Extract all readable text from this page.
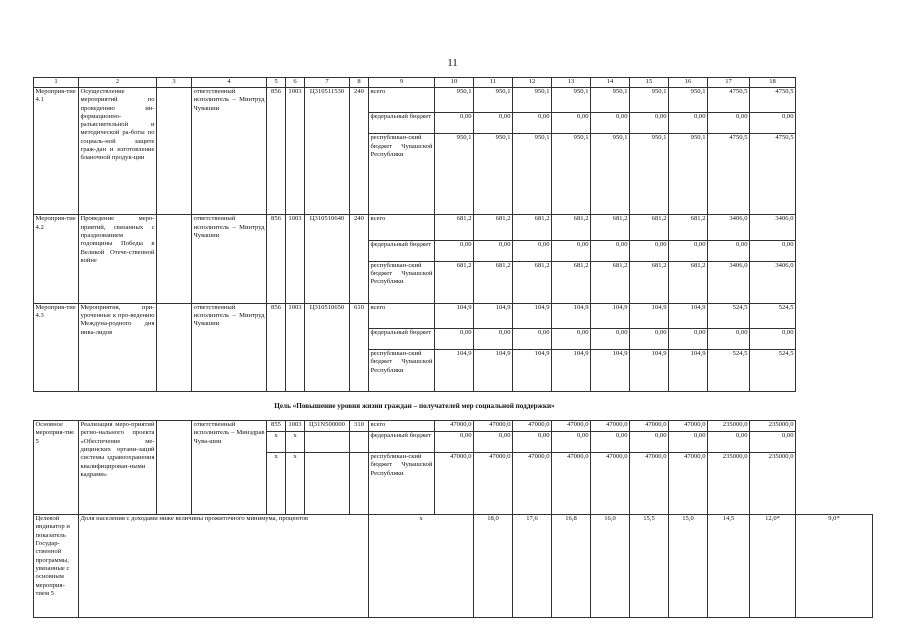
11
1	2	3	4	5	6	7	8	9	10	11	12	13	14	15	16	17	18	
Мероприя-тие 4.1	Осуществление мероприятий по проведению ин-формационно-разъяснительной и методической ра-боты по социаль-ной защите граж-дан и изготовление бланочной продук-ции		ответственный исполнитель – Минтруд Чувашии	856	1003	Ц310511530	240	всего	950,1	950,1	950,1	950,1	950,1	950,1	950,1	4750,5	4750,5	
								федеральный бюджет	0,00	0,00	0,00	0,00	0,00	0,00	0,00	0,00	0,00	
								республикан-ский бюджет Чувашской Республики	950,1	950,1	950,1	950,1	950,1	950,1	950,1	4750,5	4750,5	
Мероприя-тие 4.2	Проведение меро-приятий, связанных с празднованием годовщины Победы в Великой Отече-ственной войне		ответственный исполнитель – Минтруд Чувашии	856	1003	Ц310510640	240	всего	681,2	681,2	681,2	681,2	681,2	681,2	681,2	3406,0	3406,0	
								федеральный бюджет	0,00	0,00	0,00	0,00	0,00	0,00	0,00	0,00	0,00	
								республикан-ский бюджет Чувашской Республики	681,2	681,2	681,2	681,2	681,2	681,2	681,2	3406,0	3406,0	
Мероприя-тие 4.3	Мероприятия, при-уроченные к про-ведению Междуна-родного дня инва-лидов		ответственный исполнитель – Минтруд Чувашии	856	1003	Ц310510650	610	всего	104,9	104,9	104,9	104,9	104,9	104,9	104,9	524,5	524,5	
								федеральный бюджет	0,00	0,00	0,00	0,00	0,00	0,00	0,00	0,00	0,00	
								республикан-ский бюджет Чувашской Республики	104,9	104,9	104,9	104,9	104,9	104,9	104,9	524,5	524,5	
Цель «Повышение уровня жизни граждан – получателей мер социальной поддержки»																		
Основное мероприя-тие 5	Реализация меро-приятий регио-нального проекта «Обеспечение ме-дицинских органи-заций системы здравоохранения квалифицирован-ными кадрами»		ответственный исполнитель – Минздрав Чува-шии	855	1003	Ц31N500000	310	всего	47000,0	47000,0	47000,0	47000,0	47000,0	47000,0	47000,0	235000,0	235000,0	
				х	х			федеральный бюджет	0,00	0,00	0,00	0,00	0,00	0,00	0,00	0,00	0,00	
				х	х			республикан-ский бюджет Чувашской Республики	47000,0	47000,0	47000,0	47000,0	47000,0	47000,0	47000,0	235000,0	235000,0	
Целевой индикатор и показатель Государ-ственной программы, увязанные с основным мероприя-тием 5	Доля населения с доходами ниже величины прожиточного минимума, процентов							х		18,0	17,6	16,8	16,0	15,5	15,0	14,5	12,0*	9,0*
